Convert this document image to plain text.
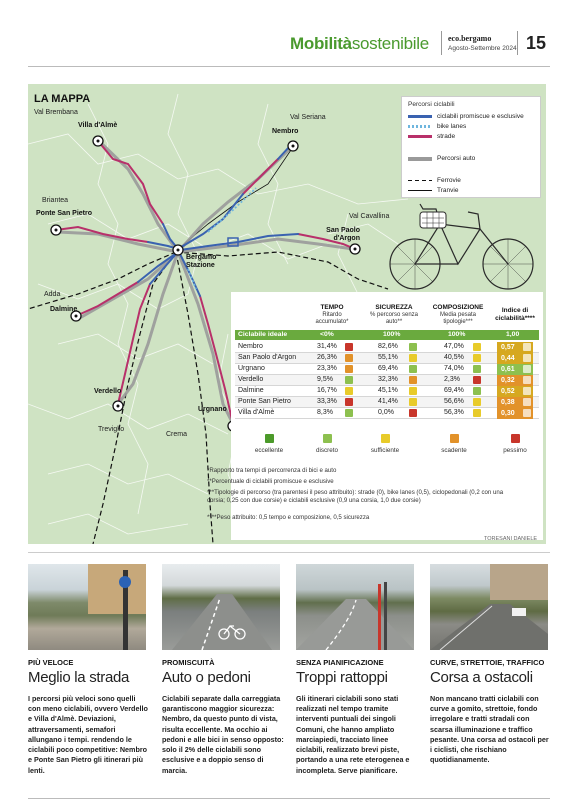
Mobilitàsostenibile eco.bergamo
Agosto-Settembre 2024 15
LA MAPPA
Val Brembana
Val Seriana
Briantea
Val Cavallina
Adda
Treviglio
Crema
Villa d'Almè
Nembro
Ponte San Pietro
San Paolo d'Argon
Bergamo Stazione
Dalmine
Verdello
Urgnano
Percorsi ciclabili
ciclabili promiscue e esclusive
bike lanes
strade
Percorsi auto
Ferrovie
Tranvie
TEMPO
Ritardo accumulato*
SICUREZZA
% percorso senza auto**
COMPOSIZIONE
Media pesata tipologie***
Indice di ciclabilità****
Ciclabile ideale	<0%	100%	100%	1,00
Nembro	31,4%	82,6%	47,0%	0,57
San Paolo d'Argon	26,3%	55,1%	40,5%	0,44
Urgnano	23,3%	69,4%	74,0%	0,61
Verdello	9,5%	32,3%	2,3%	0,32
Dalmine	16,7%	45,1%	69,4%	0,52
Ponte San Pietro	33,3%	41,4%	56,6%	0,38
Villa d'Almè	8,3%	0,0%	56,3%	0,30
eccellente	discreto	sufficiente	scadente	pessimo
*Rapporto tra tempi di percorrenza di bici e auto
**Percentuale di ciclabili promiscue e esclusive
***Tipologie di percorso (tra parentesi il peso attribuito): strade (0), bike lanes (0,5), ciclopedonali (0,2 con una corsia; 0,25 con due corsie) e ciclabili esclusive (0,9 una corsia, 1,0 due corsie)
****Peso attribuito: 0,5 tempo e composizione, 0,5 sicurezza
TORESANI DANIELE
PIÙ VELOCE
Meglio la strada
I percorsi più veloci sono quelli con meno ciclabili, ovvero Verdello e Villa d'Almè. Deviazioni, attraversamenti, semafori allungano i tempi. rendendo le ciclabili poco competitive: Nembro e Ponte San Pietro gli itinerari più lenti.
PROMISCUITÀ
Auto o pedoni
Ciclabili separate dalla carreggiata garantiscono maggior sicurezza: Nembro, da questo punto di vista, risulta eccellente. Ma occhio ai pedoni e alle bici in senso opposto: solo il 2% delle ciclabili sono esclusive e a doppio senso di marcia.
SENZA PIANIFICAZIONE
Troppi rattoppi
Gli itinerari ciclabili sono stati realizzati nel tempo tramite interventi puntuali dei singoli Comuni, che hanno ampliato marciapiedi, tracciato linee ciclabili, realizzato brevi piste, portando a una rete eterogenea e incompleta. Serve pianificare.
CURVE, STRETTOIE, TRAFFICO
Corsa a ostacoli
Non mancano tratti ciclabili con curve a gomito, strettoie, fondo irregolare e tratti stradali con scarsa illuminazione e traffico pesante. Una corsa ad ostacoli per i ciclisti, che rischiano quotidianamente.
